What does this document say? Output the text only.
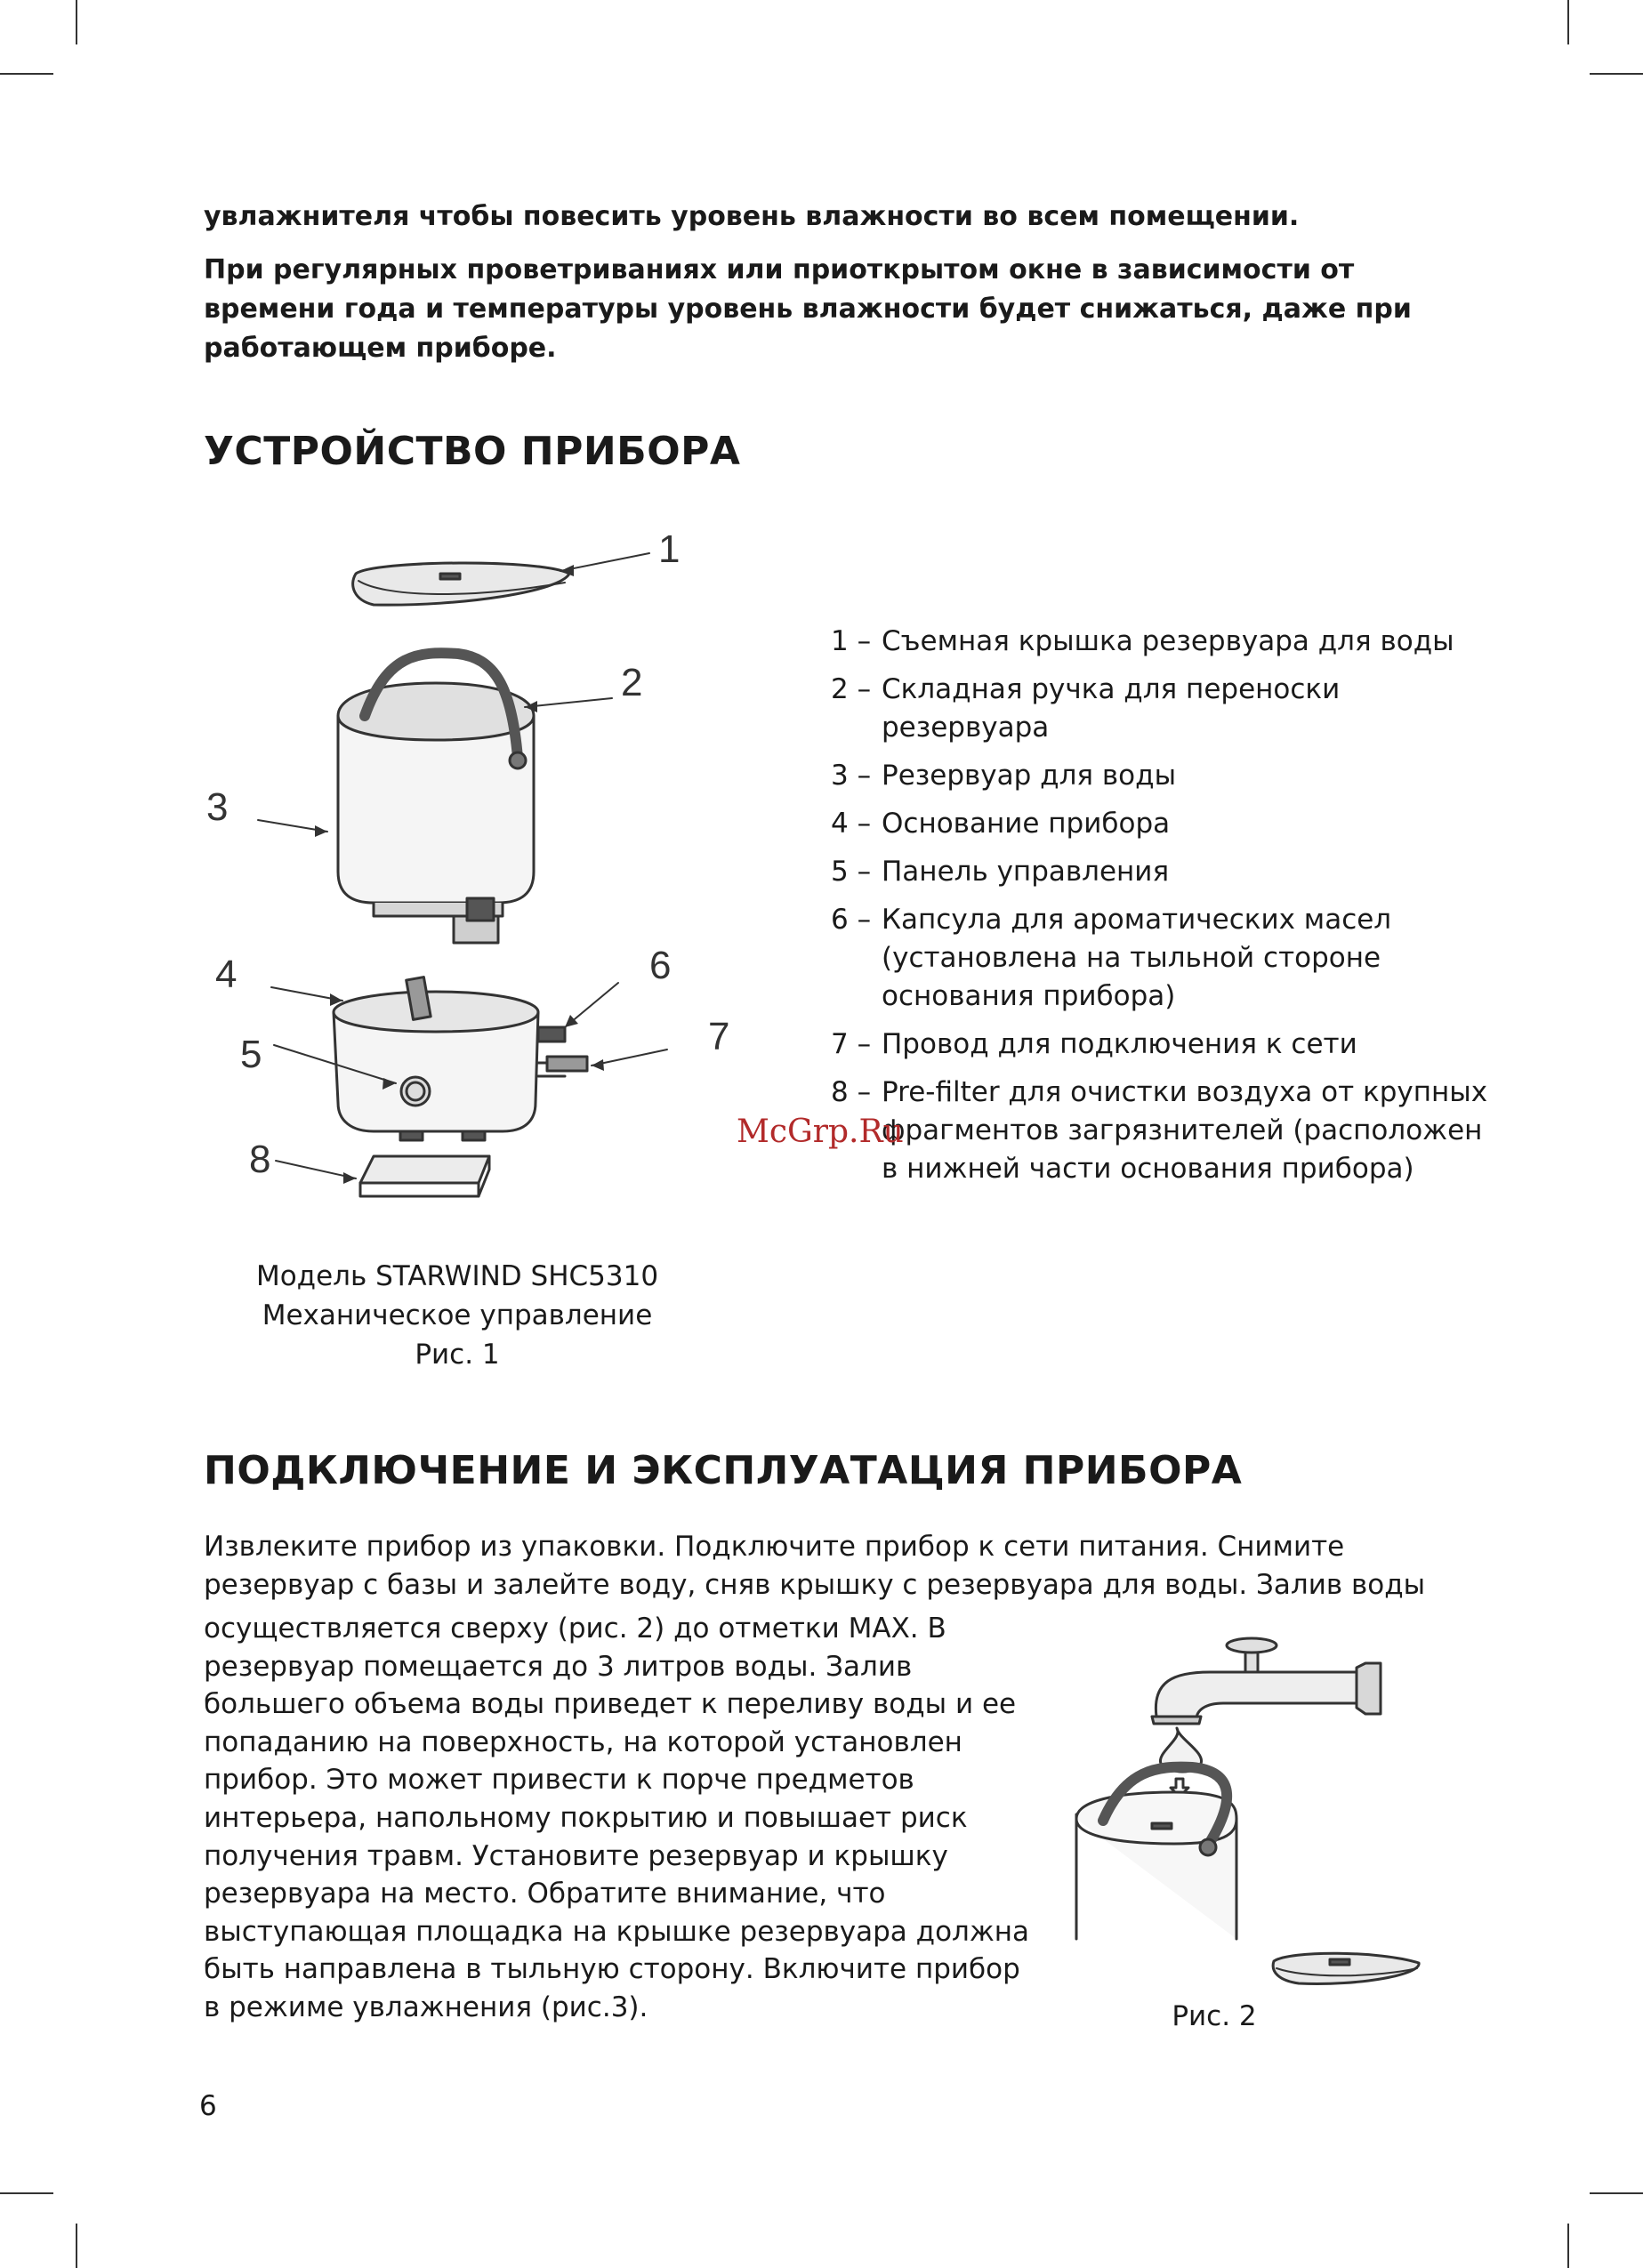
увлажнителя чтобы повесить уровень влажности во всем помещении.

При регулярных проветриваниях или приоткрытом окне в зависимости от времени года и температуры уровень влажности будет снижаться, даже при работающем приборе.

УСТРОЙСТВО ПРИБОРА
1
2
3
4
5
6
7
8
1 – Съемная крышка резервуара для воды
2 – Складная ручка для переноски резервуара
3 – Резервуар для воды
4 – Основание прибора
5 – Панель управления
6 – Капсула для ароматических масел (установлена на тыльной стороне основания прибора)
7 – Провод для подключения к сети
8 – Pre-filter для очистки воздуха от крупных фрагментов загрязнителей (расположен в нижней части основания прибора)
Модель STARWIND SHC5310
Механическое управление
Рис. 1
McGrp.Ru
ПОДКЛЮЧЕНИЕ И ЭКСПЛУАТАЦИЯ ПРИБОРА

Извлеките прибор из упаковки. Подключите прибор к сети питания. Снимите

резервуар с базы и залейте воду, сняв крышку с резервуара для воды. Залив воды

осуществляется сверху (рис. 2) до отметки MAX. В резервуар помещается до 3 литров воды. Залив большего объема воды приведет к переливу воды и ее попаданию на поверхность, на которой установлен прибор. Это может привести к порче предметов интерьера, напольному покрытию и повышает риск получения травм. Установите резервуар и крышку резервуара на место. Обратите внимание, что выступающая площадка на крышке резервуара должна быть направлена в тыльную сторону. Включите прибор в режиме увлажнения (рис.3).	Рис. 2
6
